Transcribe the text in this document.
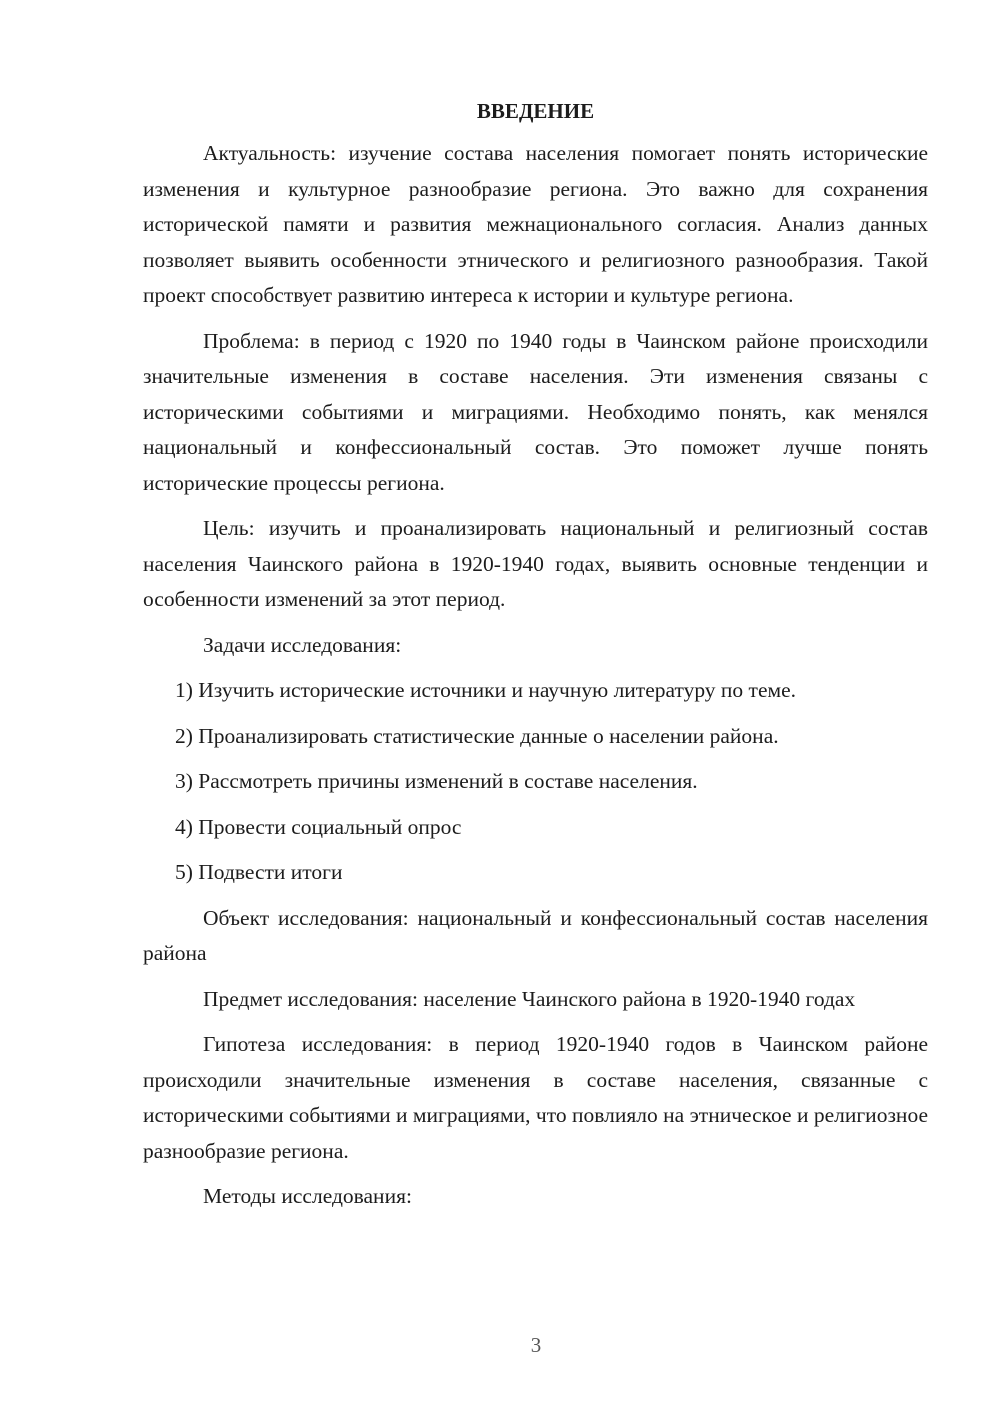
ВВЕДЕНИЕ

Актуальность: изучение состава населения помогает понять исторические изменения и культурное разнообразие региона. Это важно для сохранения исторической памяти и развития межнационального согласия. Анализ данных позволяет выявить особенности этнического и религиозного разнообразия. Такой проект способствует развитию интереса к истории и культуре региона.

Проблема: в период с 1920 по 1940 годы в Чаинском районе происходили значительные изменения в составе населения. Эти изменения связаны с историческими событиями и миграциями. Необходимо понять, как менялся национальный и конфессиональный состав. Это поможет лучше понять исторические процессы региона.

Цель: изучить и проанализировать национальный и религиозный состав населения Чаинского района в 1920-1940 годах, выявить основные тенденции и особенности изменений за этот период.

Задачи исследования:

1) Изучить исторические источники и научную литературу по теме.
2) Проанализировать статистические данные о населении района.
3) Рассмотреть причины изменений в составе населения.
4) Провести социальный опрос
5) Подвести итоги

Объект исследования: национальный и конфессиональный состав населения района

Предмет исследования: население Чаинского района в 1920-1940 годах

Гипотеза исследования: в период 1920-1940 годов в Чаинском районе происходили значительные изменения в составе населения, связанные с историческими событиями и миграциями, что повлияло на этническое и религиозное разнообразие региона.

Методы исследования:

3
